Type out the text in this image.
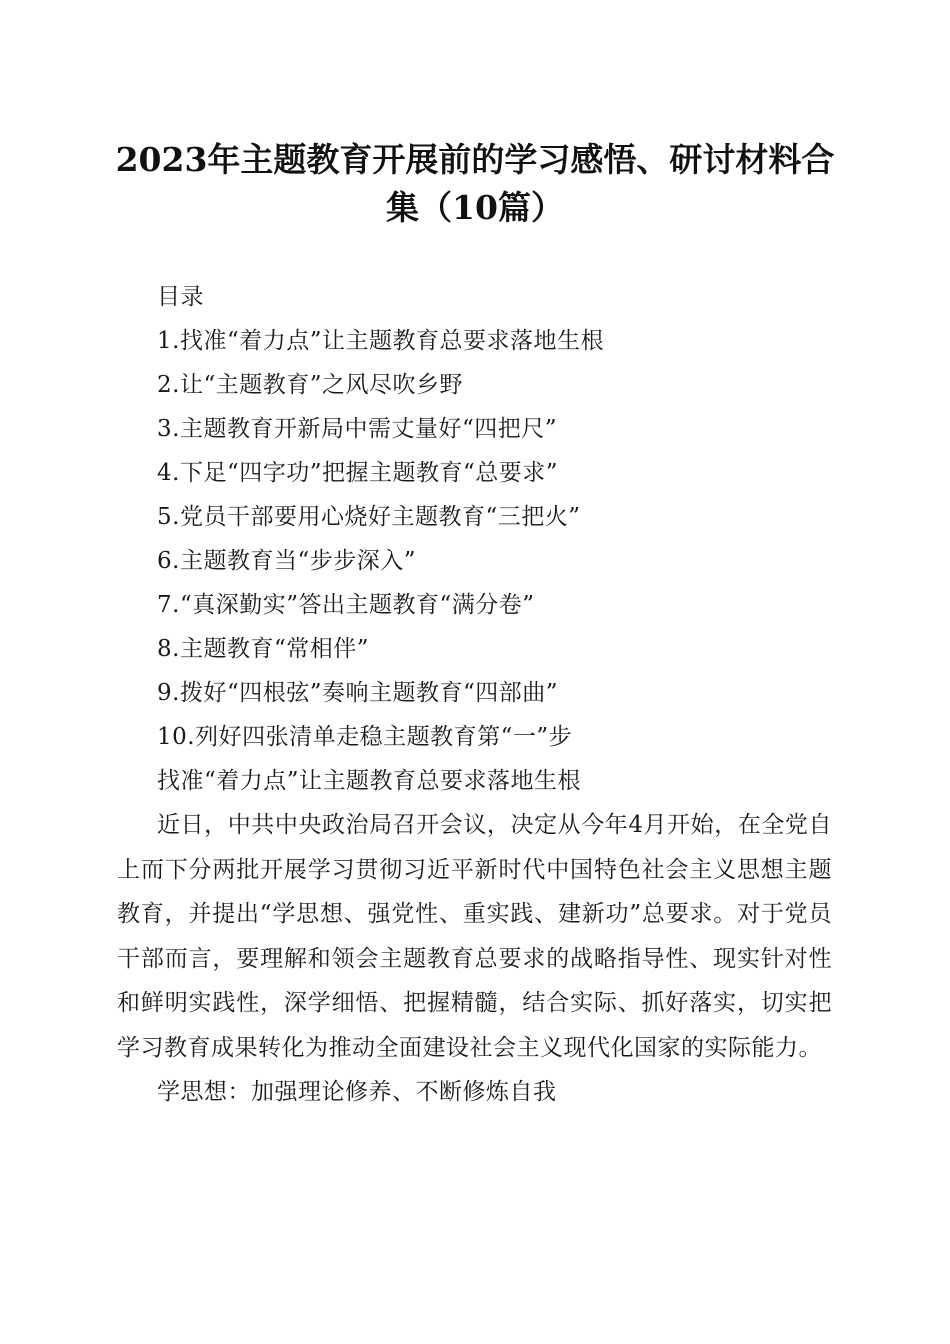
2023年主题教育开展前的学习感悟、研讨材料合集（10篇）

目录

1.找准“着力点”让主题教育总要求落地生根

2.让“主题教育”之风尽吹乡野

3.主题教育开新局中需丈量好“四把尺”

4.下足“四字功”把握主题教育“总要求”

5.党员干部要用心烧好主题教育“三把火”

6.主题教育当“步步深入”

7.“真深勤实”答出主题教育“满分卷”

8.主题教育“常相伴”

9.拨好“四根弦”奏响主题教育“四部曲”

10.列好四张清单走稳主题教育第“一”步

找准“着力点”让主题教育总要求落地生根

近日，中共中央政治局召开会议，决定从今年4月开始，在全党自上而下分两批开展学习贯彻习近平新时代中国特色社会主义思想主题教育，并提出“学思想、强党性、重实践、建新功”总要求。对于党员干部而言，要理解和领会主题教育总要求的战略指导性、现实针对性和鲜明实践性，深学细悟、把握精髓，结合实际、抓好落实，切实把学习教育成果转化为推动全面建设社会主义现代化国家的实际能力。

学思想：加强理论修养、不断修炼自我
